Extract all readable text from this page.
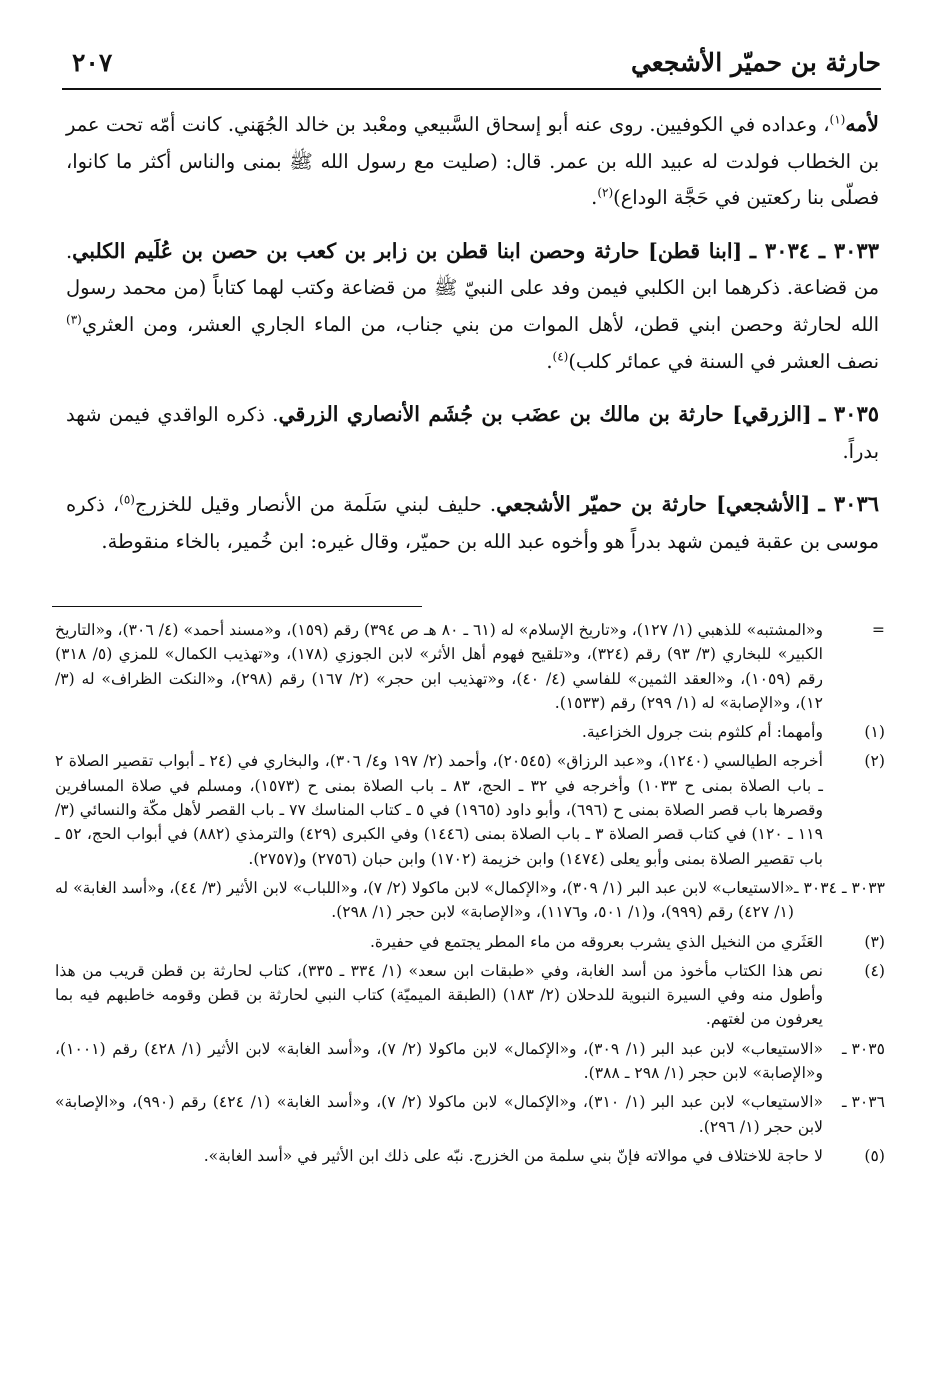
حارثة بن حميّر الأشجعي
٢٠٧

لأمه$^{(١)}$، وعداده في الكوفيين. روى عنه أبو إسحاق السَّبيعي ومعْبد بن خالد الجُهَني. كانت أمّه تحت عمر بن الخطاب فولدت له عبيد الله بن عمر. قال: (صليت مع رسول الله ﷺ بمنى والناس أكثر ما كانوا، فصلّى بنا ركعتين في حَجَّة الوداع)$^{(٢)}$.

٣٠٣٣ ـ ٣٠٣٤ ـ [ابنا قطن] حارثة وحصن ابنا قطن بن زابر بن كعب بن حصن بن عُلَيم الكلبي. من قضاعة. ذكرهما ابن الكلبي فيمن وفد على النبيّ ﷺ من قضاعة وكتب لهما كتاباً (من محمد رسول الله لحارثة وحصن ابني قطن، لأهل الموات من بني جناب، من الماء الجاري العشر، ومن العثري$^{(٣)}$ نصف العشر في السنة في عمائر كلب)$^{(٤)}$.

٣٠٣٥ ـ [الزرقي] حارثة بن مالك بن عضَب بن جُشَم الأنصاري الزرقي. ذكره الواقدي فيمن شهد بدراً.

٣٠٣٦ ـ [الأشجعي] حارثة بن حميّر الأشجعي. حليف لبني سَلَمة من الأنصار وقيل للخزرج$^{(٥)}$، ذكره موسى بن عقبة فيمن شهد بدراً هو وأخوه عبد الله بن حميّر، وقال غيره: ابن خُمير، بالخاء منقوطة.

=
و«المشتبه» للذهبي (١/ ١٢٧)، و«تاريخ الإسلام» له (٦١ ـ ٨٠ هـ ص ٣٩٤) رقم (١٥٩)، و«مسند أحمد» (٤/ ٣٠٦)، و«التاريخ الكبير» للبخاري (٣/ ٩٣) رقم (٣٢٤)، و«تلقيح فهوم أهل الأثر» لابن الجوزي (١٧٨)، و«تهذيب الكمال» للمزي (٥/ ٣١٨) رقم (١٠٥٩)، و«العقد الثمين» للفاسي (٤/ ٤٠)، و«تهذيب ابن حجر» (٢/ ١٦٧) رقم (٢٩٨)، و«النكت الظراف» له (٣/ ١٢)، و«الإصابة» له (١/ ٢٩٩) رقم (١٥٣٣).
(١)
وأمهما: أم كلثوم بنت جرول الخزاعية.
(٢)
أخرجه الطيالسي (١٢٤٠)، و«عبد الرزاق» (٢٠٥٤٥)، وأحمد (٢/ ١٩٧ و٤/ ٣٠٦)، والبخاري في (٢٤ ـ أبواب تقصير الصلاة ٢ ـ باب الصلاة بمنى ح ١٠٣٣) وأخرجه في ٣٢ ـ الحج، ٨٣ ـ باب الصلاة بمنى ح (١٥٧٣)، ومسلم في صلاة المسافرين وقصرها باب قصر الصلاة بمنى ح (٦٩٦)، وأبو داود (١٩٦٥) في ٥ ـ كتاب المناسك ٧٧ ـ باب القصر لأهل مكّة والنسائي (٣/ ١١٩ ـ ١٢٠) في كتاب قصر الصلاة ٣ ـ باب الصلاة بمنى (١٤٤٦) وفي الكبرى (٤٢٩) والترمذي (٨٨٢) في أبواب الحج، ٥٢ ـ باب تقصير الصلاة بمنى وأبو يعلى (١٤٧٤) وابن خزيمة (١٧٠٢) وابن حبان (٢٧٥٦) و(٢٧٥٧).
٣٠٣٣ ـ ٣٠٣٤ ـ
«الاستيعاب» لابن عبد البر (١/ ٣٠٩)، و«الإكمال» لابن ماكولا (٢/ ٧)، و«اللباب» لابن الأثير (٣/ ٤٤)، و«أسد الغابة» له (١/ ٤٢٧) رقم (٩٩٩)، و(١/ ٥٠١، و١١٧٦)، و«الإصابة» لابن حجر (١/ ٢٩٨).
(٣)
العَثَري من النخيل الذي يشرب بعروقه من ماء المطر يجتمع في حفيرة.
(٤)
نص هذا الكتاب مأخوذ من أسد الغابة، وفي «طبقات ابن سعد» (١/ ٣٣٤ ـ ٣٣٥)، كتاب لحارثة بن قطن قريب من هذا وأطول منه وفي السيرة النبوية للدحلان (٢/ ١٨٣) (الطبقة الميميّة) كتاب النبي لحارثة بن قطن وقومه خاطبهم فيه بما يعرفون من لغتهم.
٣٠٣٥ ـ
«الاستيعاب» لابن عبد البر (١/ ٣٠٩)، و«الإكمال» لابن ماكولا (٢/ ٧)، و«أسد الغابة» لابن الأثير (١/ ٤٢٨) رقم (١٠٠١)، و«الإصابة» لابن حجر (١/ ٢٩٨ ـ ٣٨٨).
٣٠٣٦ ـ
«الاستيعاب» لابن عبد البر (١/ ٣١٠)، و«الإكمال» لابن ماكولا (٢/ ٧)، و«أسد الغابة» (١/ ٤٢٤) رقم (٩٩٠)، و«الإصابة» لابن حجر (١/ ٢٩٦).
(٥)
لا حاجة للاختلاف في موالاته فإنّ بني سلمة من الخزرج. نبّه على ذلك ابن الأثير في «أسد الغابة».
